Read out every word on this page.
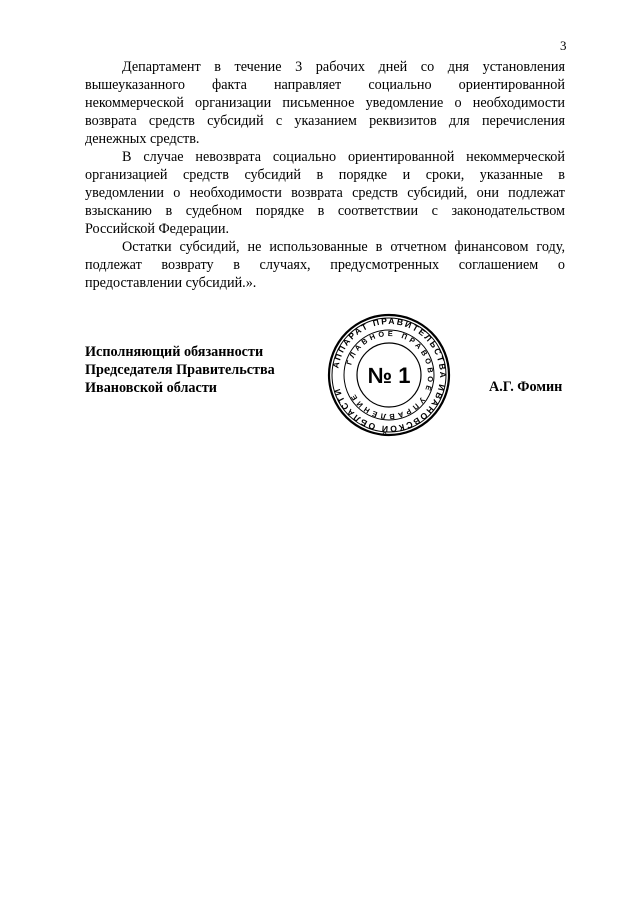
3

Департамент в течение 3 рабочих дней со дня установления
вышеуказанного факта направляет социально ориентированной
некоммерческой организации письменное уведомление о необходимости
возврата средств субсидий с указанием реквизитов для перечисления
денежных средств.

В случае невозврата социально ориентированной некоммерческой
организацией средств субсидий в порядке и сроки, указанные в
уведомлении о необходимости возврата средств субсидий, они подлежат
взысканию в судебном порядке в соответствии с законодательством
Российской Федерации.

Остатки субсидий, не использованные в отчетном финансовом году,
подлежат возврату в случаях, предусмотренных соглашением о
предоставлении субсидий.».

Исполняющий обязанности
Председателя Правительства
Ивановской области
АППАРАТ ПРАВИТЕЛЬСТВА ИВАНОВСКОЙ ОБЛАСТИ
ГЛАВНОЕ ПРАВОВОЕ УПРАВЛЕНИЕ
№ 1	А.Г. Фомин
